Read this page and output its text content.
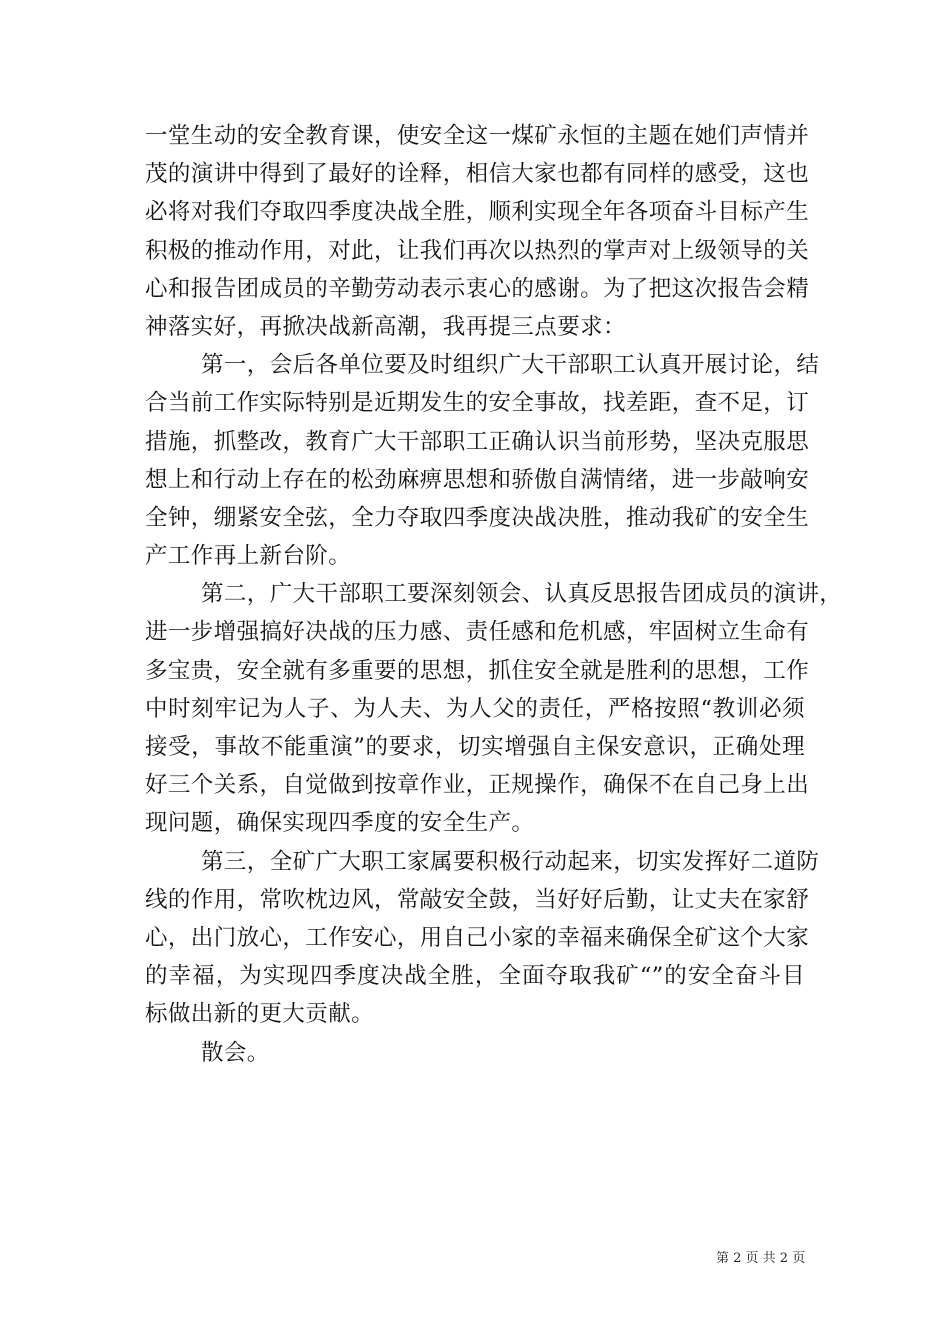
一堂生动的安全教育课，使安全这一煤矿永恒的主题在她们声情并
茂的演讲中得到了最好的诠释，相信大家也都有同样的感受，这也
必将对我们夺取四季度决战全胜，顺利实现全年各项奋斗目标产生
积极的推动作用，对此，让我们再次以热烈的掌声对上级领导的关
心和报告团成员的辛勤劳动表示衷心的感谢。为了把这次报告会精
神落实好，再掀决战新高潮，我再提三点要求：
第一，会后各单位要及时组织广大干部职工认真开展讨论，结
合当前工作实际特别是近期发生的安全事故，找差距，查不足，订
措施，抓整改，教育广大干部职工正确认识当前形势，坚决克服思
想上和行动上存在的松劲麻痹思想和骄傲自满情绪，进一步敲响安
全钟，绷紧安全弦，全力夺取四季度决战决胜，推动我矿的安全生
产工作再上新台阶。
第二，广大干部职工要深刻领会、认真反思报告团成员的演讲，
进一步增强搞好决战的压力感、责任感和危机感，牢固树立生命有
多宝贵，安全就有多重要的思想，抓住安全就是胜利的思想，工作
中时刻牢记为人子、为人夫、为人父的责任，严格按照“教训必须
接受，事故不能重演”的要求，切实增强自主保安意识，正确处理
好三个关系，自觉做到按章作业，正规操作，确保不在自己身上出
现问题，确保实现四季度的安全生产。
第三，全矿广大职工家属要积极行动起来，切实发挥好二道防
线的作用，常吹枕边风，常敲安全鼓，当好好后勤，让丈夫在家舒
心，出门放心，工作安心，用自己小家的幸福来确保全矿这个大家
的幸福，为实现四季度决战全胜，全面夺取我矿“”的安全奋斗目
标做出新的更大贡献。
散会。
第 2 页 共 2 页
